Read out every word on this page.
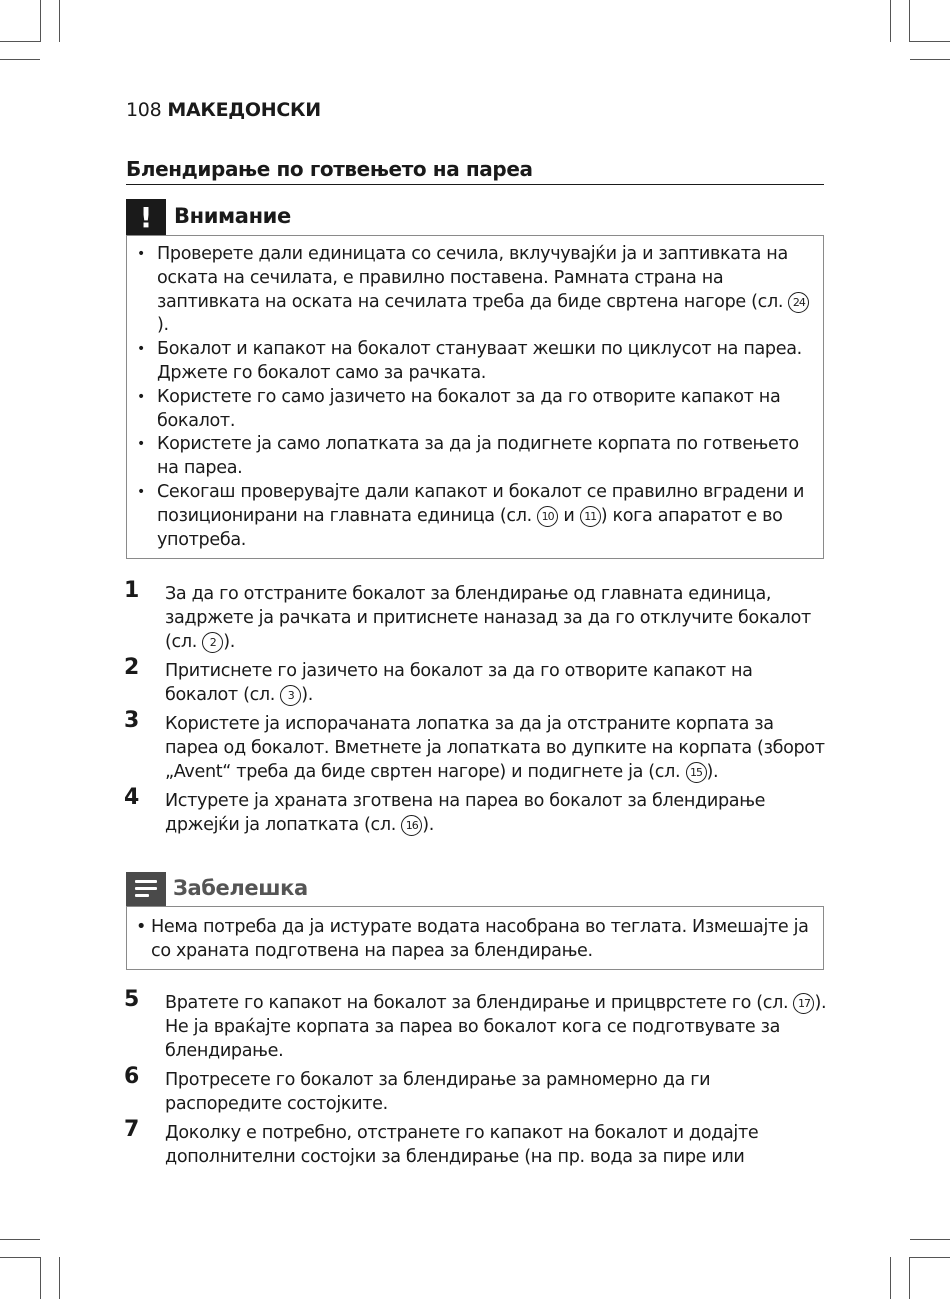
108 МАКЕДОНСКИ
Блендирање по готвењето на пареа
!	Внимание
• Проверете дали единицата со сечила, вклучувајќи ја и заптивката на оската на сечилата, е правилно поставена. Рамната страна на заптивката на оската на сечилата треба да биде свртена нагоре (сл. 24).
• Бокалот и капакот на бокалот стануваат жешки по циклусот на пареа. Држете го бокалот само за рачката.
• Користете го само јазичето на бокалот за да го отворите капакот на бокалот.
• Користете ја само лопатката за да ја подигнете корпата по готвењето на пареа.
• Секогаш проверувајте дали капакот и бокалот се правилно вградени и позиционирани на главната единица (сл. 10 и 11 ) кога апаратот е во употреба.
1 За да го отстраните бокалот за блендирање од главната единица, задржете ја рачката и притиснете наназад за да го отклучите бокалот (сл. 2 ).
2 Притиснете го јазичето на бокалот за да го отворите капакот на бокалот (сл. 3 ).
3 Користете ја испорачаната лопатка за да ја отстраните корпата за пареа од бокалот. Вметнете ја лопатката во дупките на корпата (зборот „Avent“ треба да биде свртен нагоре) и подигнете ја (сл. 15 ).
4 Истурете ја храната зготвена на пареа во бокалот за блендирање држејќи ја лопатката (сл. 16 ).
Забелешка
• Нема потреба да ја истурате водата насобрана во теглата. Измешајте ја со храната подготвена на пареа за блендирање.
5 Вратете го капакот на бокалот за блендирање и прицврстете го (сл. 17 ). Не ја враќајте корпата за пареа во бокалот кога се подготвувате за блендирање.
6 Протресете го бокалот за блендирање за рамномерно да ги распоредите состојките.
7 Доколку е потребно, отстранете го капакот на бокалот и додајте дополнителни состојки за блендирање (на пр. вода за пире или
